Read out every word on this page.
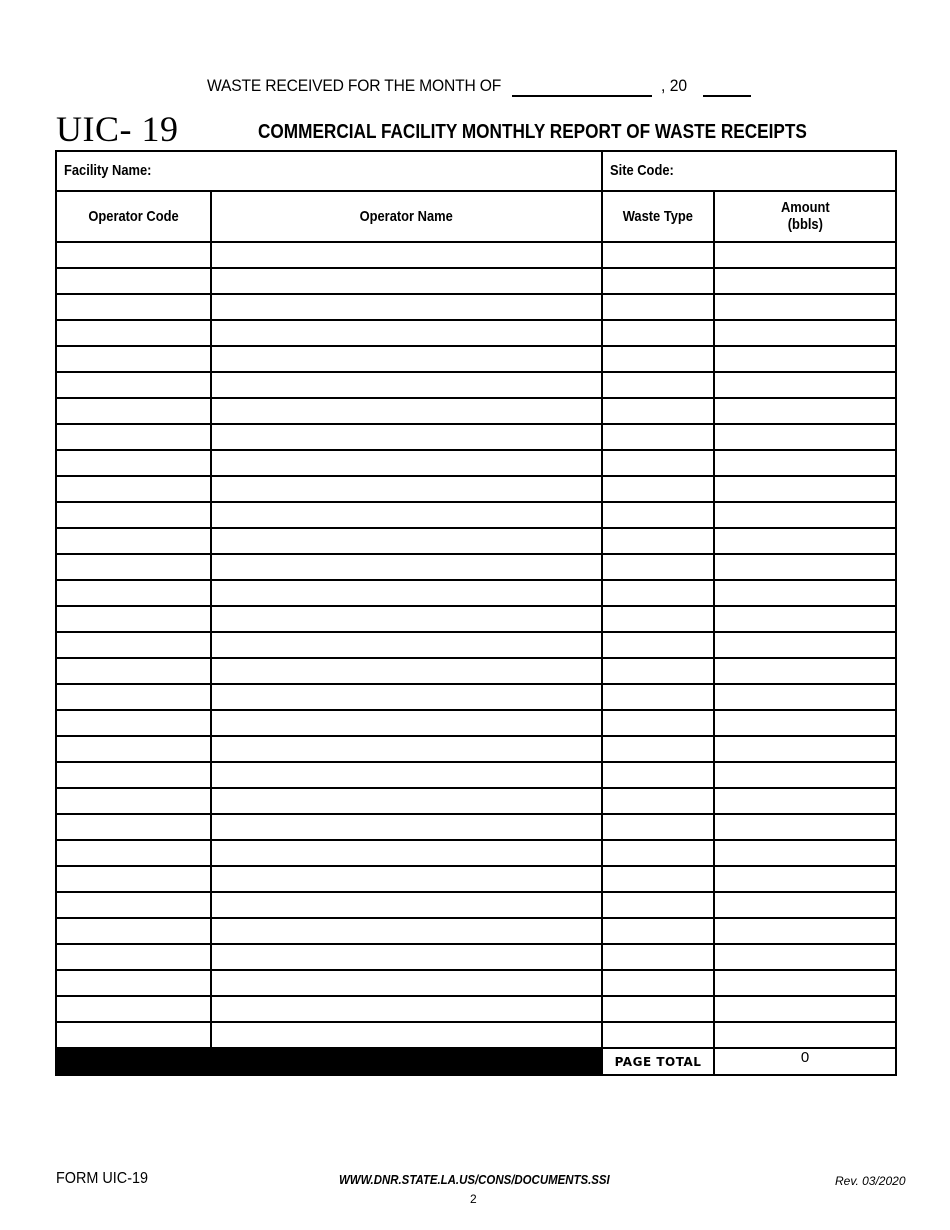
WASTE RECEIVED FOR THE MONTH OF	, 20
UIC- 19	COMMERCIAL FACILITY MONTHLY REPORT OF WASTE RECEIPTS
Facility Name:		Site Code:	
Operator Code	Operator Name	Waste Type	Amount
(bbls)

		PAGE TOTAL	0
FORM UIC-19	WWW.DNR.STATE.LA.US/CONS/DOCUMENTS.SSI	Rev. 03/2020
2
